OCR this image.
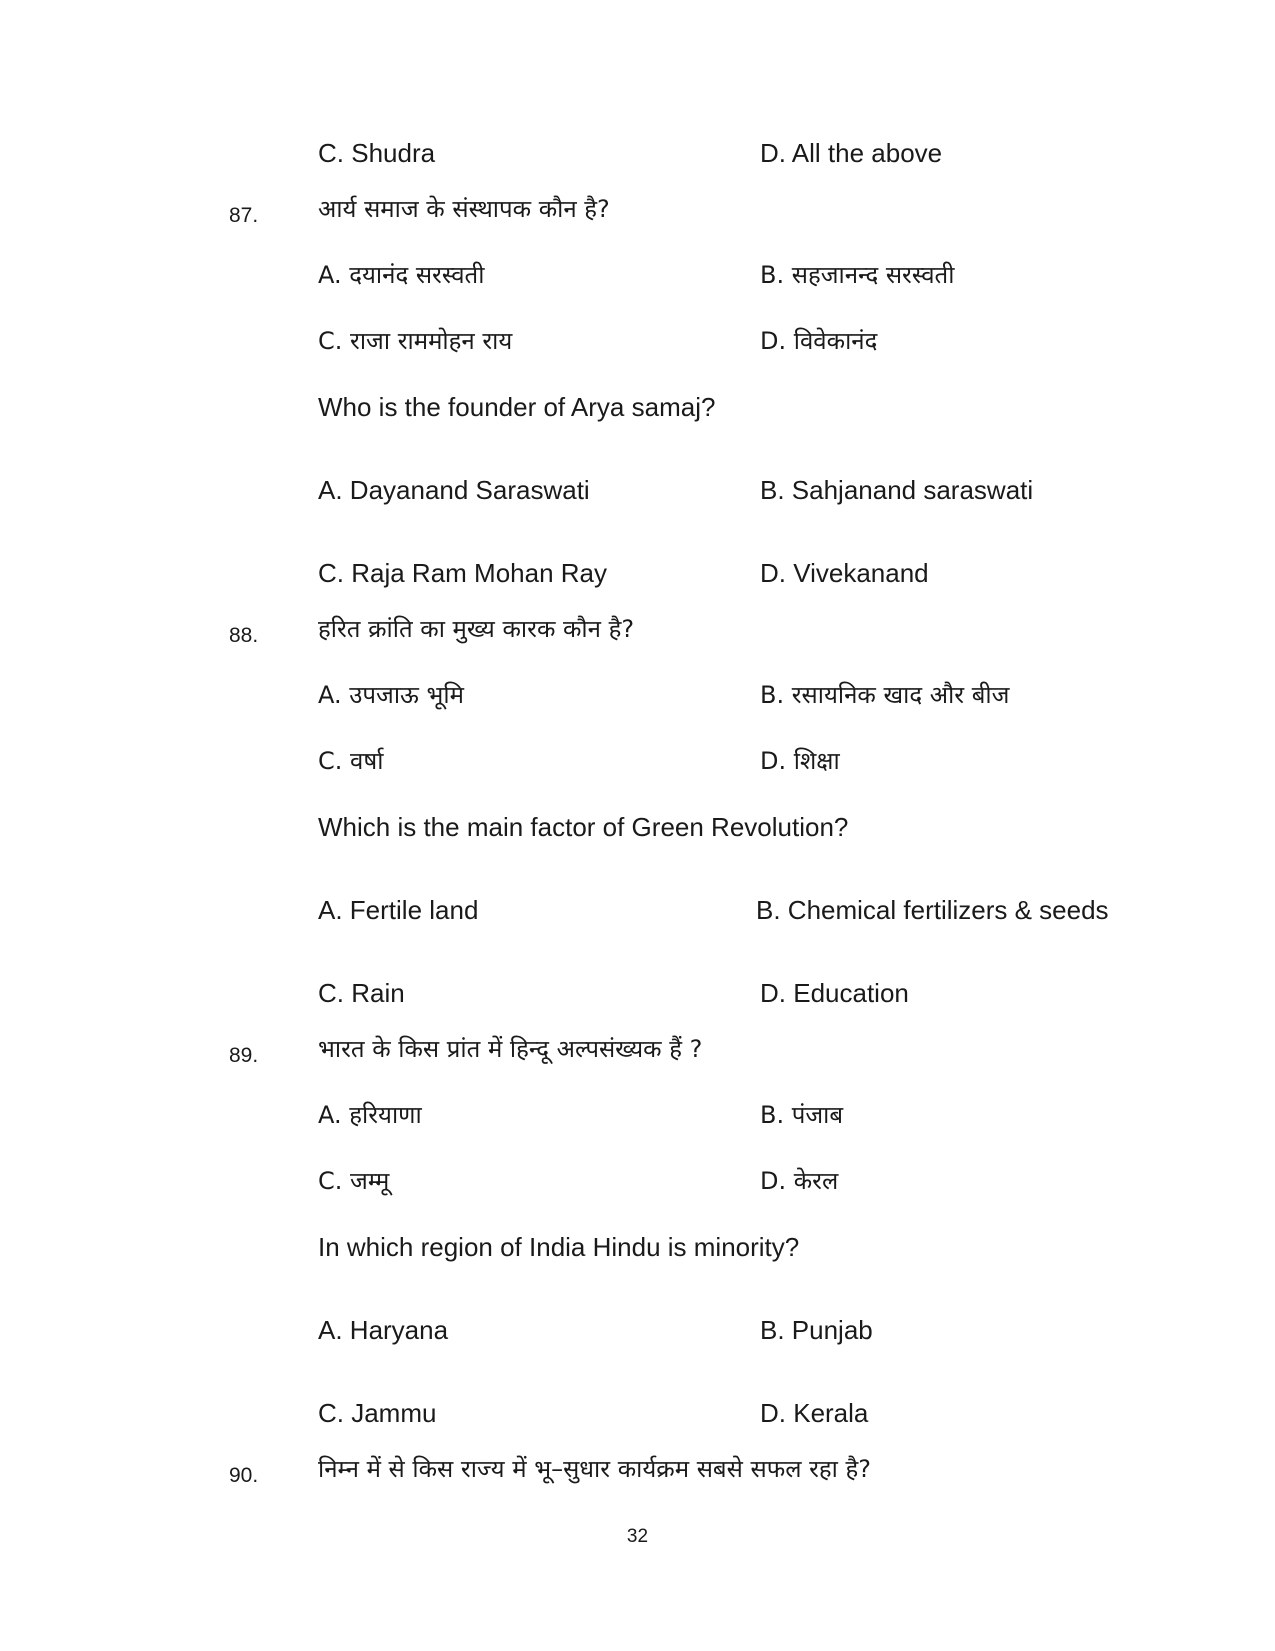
C. Shudra	D. All the above
87. आर्य समाज के संस्थापक कौन है?
A. दयानंद सरस्वती	B. सहजानन्द सरस्वती
C. राजा राममोहन राय	D. विवेकानंद
Who is the founder of Arya samaj?
A. Dayanand Saraswati	B. Sahjanand saraswati
C. Raja Ram Mohan Ray	D. Vivekanand
88. हरित क्रांति का मुख्य कारक कौन है?
A. उपजाऊ भूमि	B. रसायनिक खाद और बीज
C. वर्षा	D. शिक्षा
Which is the main factor of Green Revolution?
A. Fertile land	B. Chemical fertilizers & seeds
C. Rain	D. Education
89. भारत के किस प्रांत में हिन्दू अल्पसंख्यक हैं ?
A. हरियाणा	B. पंजाब
C. जम्मू	D. केरल
In which region of India Hindu is minority?
A. Haryana	B. Punjab
C. Jammu	D. Kerala
90. निम्न में से किस राज्य में भू–सुधार कार्यक्रम सबसे सफल रहा है?
32
